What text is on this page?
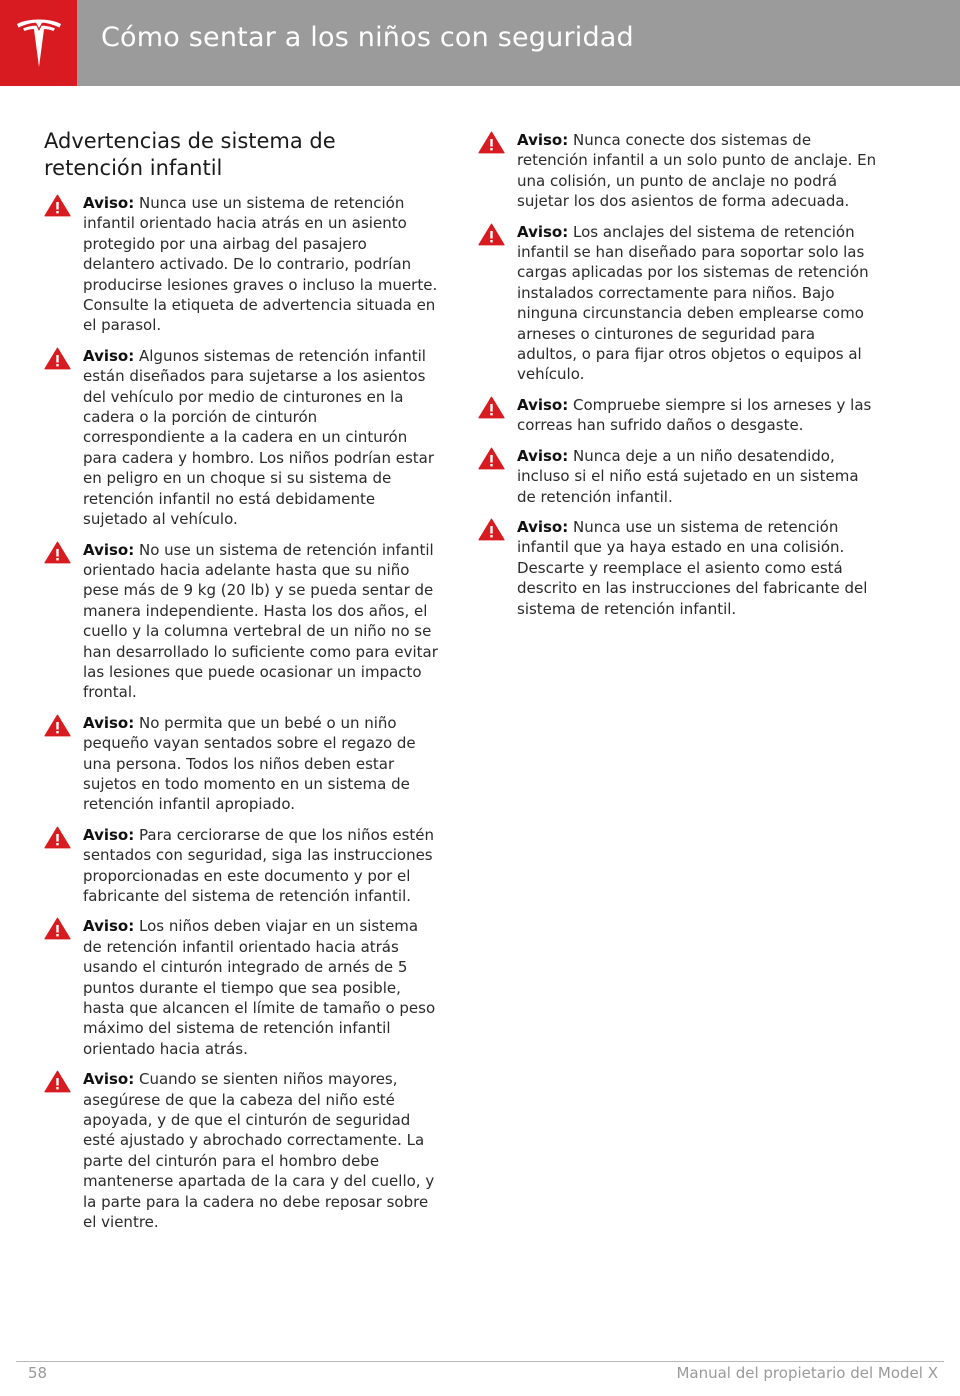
Cómo sentar a los niños con seguridad
Advertencias de sistema de retención infantil
Aviso: Nunca use un sistema de retención infantil orientado hacia atrás en un asiento protegido por una airbag del pasajero delantero activado. De lo contrario, podrían producirse lesiones graves o incluso la muerte. Consulte la etiqueta de advertencia situada en el parasol.
Aviso: Algunos sistemas de retención infantil están diseñados para sujetarse a los asientos del vehículo por medio de cinturones en la cadera o la porción de cinturón correspondiente a la cadera en un cinturón para cadera y hombro. Los niños podrían estar en peligro en un choque si su sistema de retención infantil no está debidamente sujetado al vehículo.
Aviso: No use un sistema de retención infantil orientado hacia adelante hasta que su niño pese más de 9 kg (20 lb) y se pueda sentar de manera independiente. Hasta los dos años, el cuello y la columna vertebral de un niño no se han desarrollado lo suficiente como para evitar las lesiones que puede ocasionar un impacto frontal.
Aviso: No permita que un bebé o un niño pequeño vayan sentados sobre el regazo de una persona. Todos los niños deben estar sujetos en todo momento en un sistema de retención infantil apropiado.
Aviso: Para cerciorarse de que los niños estén sentados con seguridad, siga las instrucciones proporcionadas en este documento y por el fabricante del sistema de retención infantil.
Aviso: Los niños deben viajar en un sistema de retención infantil orientado hacia atrás usando el cinturón integrado de arnés de 5 puntos durante el tiempo que sea posible, hasta que alcancen el límite de tamaño o peso máximo del sistema de retención infantil orientado hacia atrás.
Aviso: Cuando se sienten niños mayores, asegúrese de que la cabeza del niño esté apoyada, y de que el cinturón de seguridad esté ajustado y abrochado correctamente. La parte del cinturón para el hombro debe mantenerse apartada de la cara y del cuello, y la parte para la cadera no debe reposar sobre el vientre.
Aviso: Nunca conecte dos sistemas de retención infantil a un solo punto de anclaje. En una colisión, un punto de anclaje no podrá sujetar los dos asientos de forma adecuada.
Aviso: Los anclajes del sistema de retención infantil se han diseñado para soportar solo las cargas aplicadas por los sistemas de retención instalados correctamente para niños. Bajo ninguna circunstancia deben emplearse como arneses o cinturones de seguridad para adultos, o para fijar otros objetos o equipos al vehículo.
Aviso: Compruebe siempre si los arneses y las correas han sufrido daños o desgaste.
Aviso: Nunca deje a un niño desatendido, incluso si el niño está sujetado en un sistema de retención infantil.
Aviso: Nunca use un sistema de retención infantil que ya haya estado en una colisión. Descarte y reemplace el asiento como está descrito en las instrucciones del fabricante del sistema de retención infantil.
58	Manual del propietario del Model X
